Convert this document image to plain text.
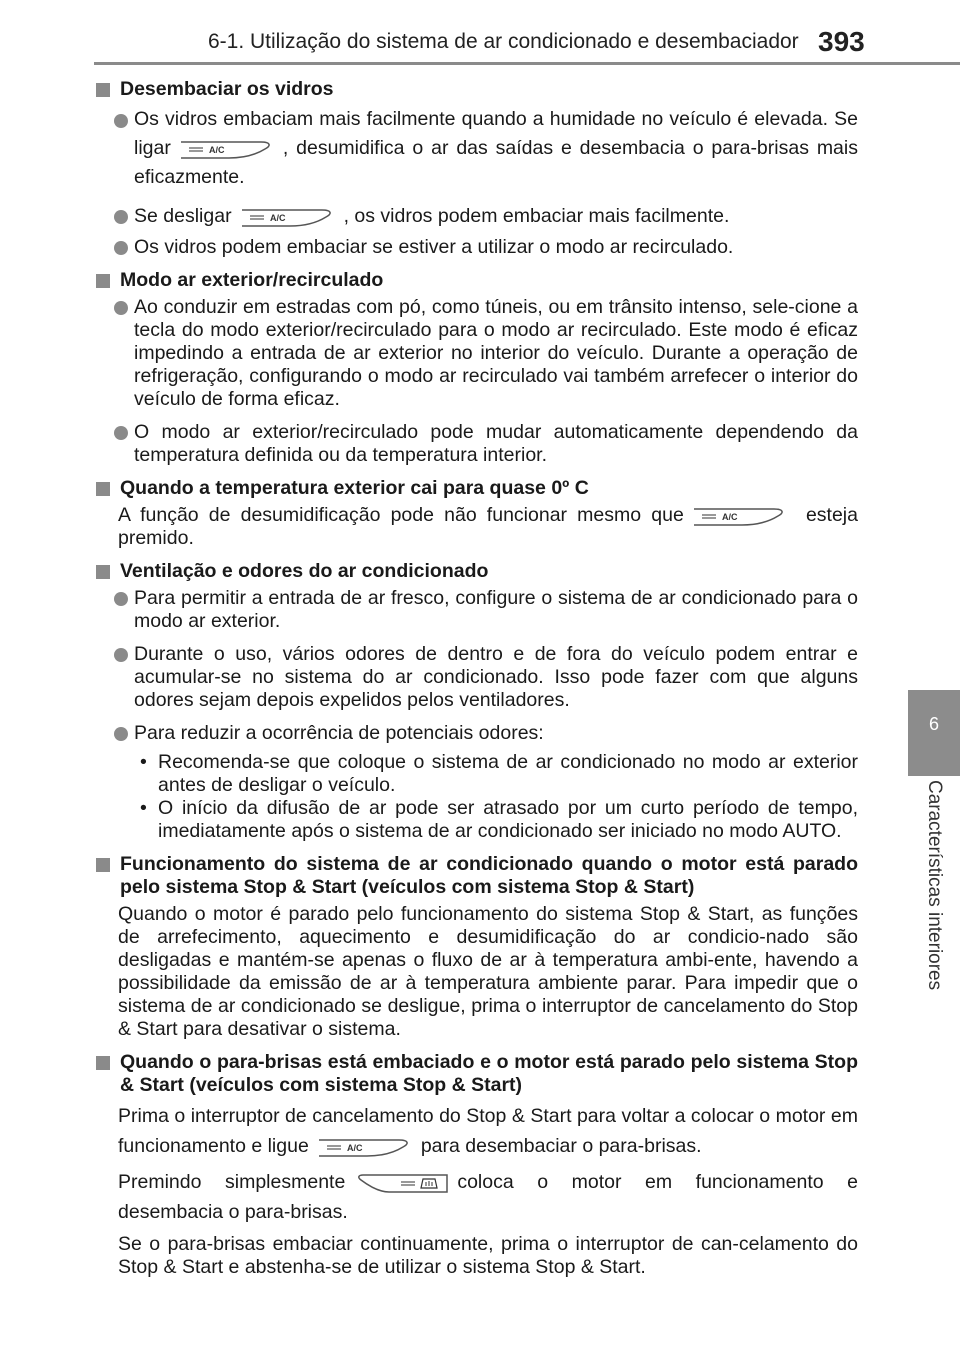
6-1. Utilização do sistema de ar condicionado e desembaciador 393
6
Características interiores
Desembaciar os vidros
Os vidros embaciam mais facilmente quando a humidade no veículo é elevada. Se ligar	A/C	, desumidifica o ar das saídas e desembacia o para-brisas mais eficazmente.
Se desligar	A/C	, os vidros podem embaciar mais facilmente.
Os vidros podem embaciar se estiver a utilizar o modo ar recirculado.
Modo ar exterior/recirculado
Ao conduzir em estradas com pó, como túneis, ou em trânsito intenso, sele-cione a tecla do modo exterior/recirculado para o modo ar recirculado. Este modo é eficaz impedindo a entrada de ar exterior no interior do veículo. Durante a operação de refrigeração, configurando o modo ar recirculado vai também arrefecer o interior do veículo de forma eficaz.
O modo ar exterior/recirculado pode mudar automaticamente dependendo da temperatura definida ou da temperatura interior.
Quando a temperatura exterior cai para quase 0º C
A função de desumidificação pode não funcionar mesmo que	A/C	esteja premido.
Ventilação e odores do ar condicionado
Para permitir a entrada de ar fresco, configure o sistema de ar condicionado para o modo ar exterior.
Durante o uso, vários odores de dentro e de fora do veículo podem entrar e acumular-se no sistema do ar condicionado. Isso pode fazer com que alguns odores sejam depois expelidos pelos ventiladores.
Para reduzir a ocorrência de potenciais odores:
• Recomenda-se que coloque o sistema de ar condicionado no modo ar exterior antes de desligar o veículo.
• O início da difusão de ar pode ser atrasado por um curto período de tempo, imediatamente após o sistema de ar condicionado ser iniciado no modo AUTO.
Funcionamento do sistema de ar condicionado quando o motor está parado pelo sistema Stop & Start (veículos com sistema Stop & Start)
Quando o motor é parado pelo funcionamento do sistema Stop & Start, as funções de arrefecimento, aquecimento e desumidificação do ar condicio-nado são desligadas e mantém-se apenas o fluxo de ar à temperatura ambi-ente, havendo a possibilidade da emissão de ar à temperatura ambiente parar. Para impedir que o sistema de ar condicionado se desligue, prima o interruptor de cancelamento do Stop & Start para desativar o sistema.
Quando o para-brisas está embaciado e o motor está parado pelo sistema Stop & Start (veículos com sistema Stop & Start)
Prima o interruptor de cancelamento do Stop & Start para voltar a colocar o motor em funcionamento e ligue	A/C	para desembaciar o para-brisas.
Premindo simplesmente	coloca o motor em funcionamento e desembacia o para-brisas.
Se o para-brisas embaciar continuamente, prima o interruptor de can-celamento do Stop & Start e abstenha-se de utilizar o sistema Stop & Start.
